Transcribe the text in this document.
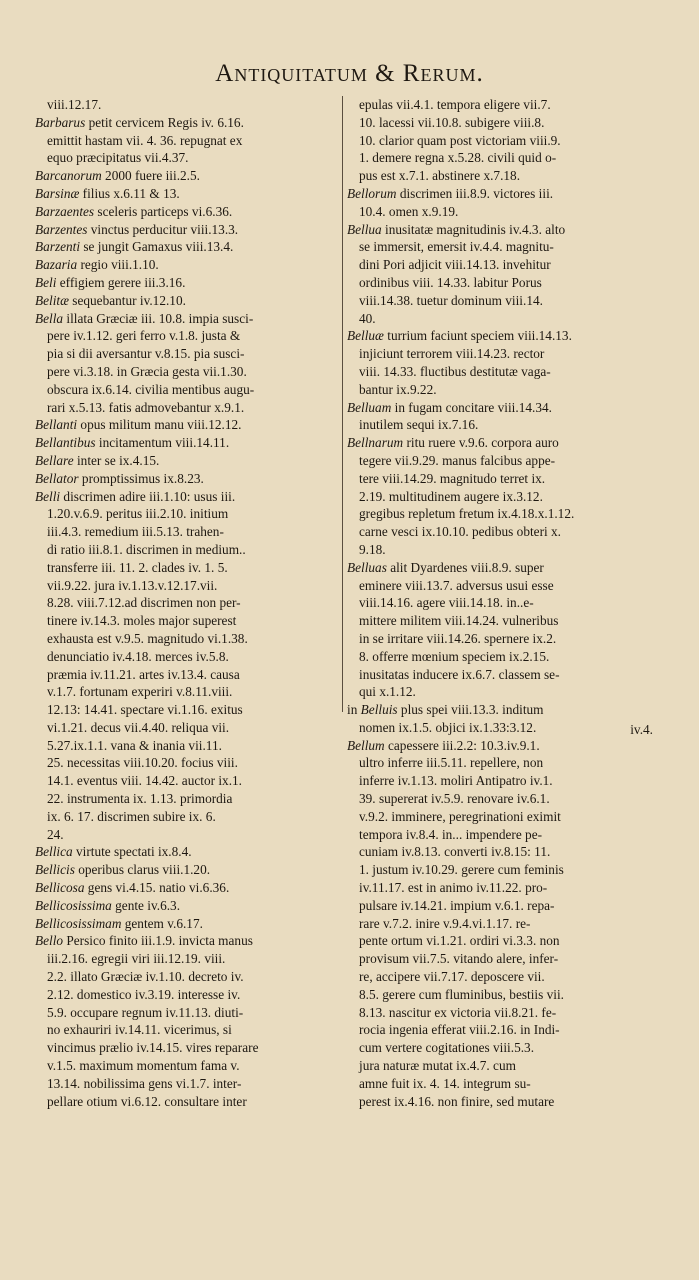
Antiquitatum & Rerum.
viii.12.17.
Barbarus petit cervicem Regis iv. 6.16.
emittit hastam vii. 4. 36. repugnat ex
equo præcipitatus vii.4.37.
Barcanorum 2000 fuere iii.2.5.
Barsinæ filius x.6.11 & 13.
Barzaentes sceleris particeps vi.6.36.
Barzentes vinctus perducitur viii.13.3.
Barzenti se jungit Gamaxus viii.13.4.
Bazaria regio viii.1.10.
Beli effigiem gerere iii.3.16.
Belitæ sequebantur iv.12.10.
Bella illata Græciæ iii. 10.8. impia susci-
pere iv.1.12. geri ferro v.1.8. justa &
pia si dii aversantur v.8.15. pia susci-
pere vi.3.18. in Græcia gesta vii.1.30.
obscura ix.6.14. civilia mentibus augu-
rari x.5.13. fatis admovebantur x.9.1.
Bellanti opus militum manu viii.12.12.
Bellantibus incitamentum viii.14.11.
Bellare inter se ix.4.15.
Bellator promptissimus ix.8.23.
Belli discrimen adire iii.1.10: usus iii.
1.20.v.6.9. peritus iii.2.10. initium
iii.4.3. remedium iii.5.13. trahen-
di ratio iii.8.1. discrimen in medium..
transferre iii. 11. 2. clades iv. 1. 5.
vii.9.22. jura iv.1.13.v.12.17.vii.
8.28. viii.7.12.ad discrimen non per-
tinere iv.14.3. moles major superest
exhausta est v.9.5. magnitudo vi.1.38.
denunciatio iv.4.18. merces iv.5.8.
præmia iv.11.21. artes iv.13.4. causa
v.1.7. fortunam experiri v.8.11.viii.
12.13: 14.41. spectare vi.1.16. exitus
vi.1.21. decus vii.4.40. reliqua vii.
5.27.ix.1.1. vana & inania vii.11.
25. necessitas viii.10.20. focius viii.
14.1. eventus viii. 14.42. auctor ix.1.
22. instrumenta ix. 1.13. primordia
ix. 6. 17. discrimen subire ix. 6.
24.
Bellica virtute spectati ix.8.4.
Bellicis operibus clarus viii.1.20.
Bellicosa gens vi.4.15. natio vi.6.36.
Bellicosissima gente iv.6.3.
Bellicosissimam gentem v.6.17.
Bello Persico finito iii.1.9. invicta manus
iii.2.16. egregii viri iii.12.19. viii.
2.2. illato Græciæ iv.1.10. decreto iv.
2.12. domestico iv.3.19. interesse iv.
5.9. occupare regnum iv.11.13. diuti-
no exhauriri iv.14.11. vicerimus, si
vincimus prælio iv.14.15. vires reparare
v.1.5. maximum momentum fama v.
13.14. nobilissima gens vi.1.7. inter-
pellare otium vi.6.12. consultare inter
epulas vii.4.1. tempora eligere vii.7.
10. lacessi vii.10.8. subigere viii.8.
10. clarior quam post victoriam viii.9.
1. demere regna x.5.28. civili quid o-
pus est x.7.1. abstinere x.7.18.
Bellorum discrimen iii.8.9. victores iii.
10.4. omen x.9.19.
Bellua inusitatæ magnitudinis iv.4.3. alto
se immersit, emersit iv.4.4. magnitu-
dini Pori adjicit viii.14.13. invehitur
ordinibus viii. 14.33. labitur Porus
viii.14.38. tuetur dominum viii.14.
40.
Belluæ turrium faciunt speciem viii.14.13.
injiciunt terrorem viii.14.23. rector
viii. 14.33. fluctibus destitutæ vaga-
bantur ix.9.22.
Belluam in fugam concitare viii.14.34.
inutilem sequi ix.7.16.
Bellnarum ritu ruere v.9.6. corpora auro
tegere vii.9.29. manus falcibus appe-
tere viii.14.29. magnitudo terret ix.
2.19. multitudinem augere ix.3.12.
gregibus repletum fretum ix.4.18.x.1.12.
carne vesci ix.10.10. pedibus obteri x.
9.18.
Belluas alit Dyardenes viii.8.9. super
eminere viii.13.7. adversus usui esse
viii.14.16. agere viii.14.18. in..e-
mittere militem viii.14.24. vulneribus
in se irritare viii.14.26. spernere ix.2.
8. offerre mœnium speciem ix.2.15.
inusitatas inducere ix.6.7. classem se-
qui x.1.12.
in Belluis plus spei viii.13.3. inditum
nomen ix.1.5. objici ix.1.33:3.12.
Bellum capessere iii.2.2: 10.3.iv.9.1.
ultro inferre iii.5.11. repellere, non
inferre iv.1.13. moliri Antipatro iv.1.
39. supererat iv.5.9. renovare iv.6.1.
v.9.2. imminere, peregrinationi eximit
tempora iv.8.4. in... impendere pe-
cuniam iv.8.13. converti iv.8.15: 11.
1. justum iv.10.29. gerere cum feminis
iv.11.17. est in animo iv.11.22. pro-
pulsare iv.14.21. impium v.6.1. repa-
rare v.7.2. inire v.9.4.vi.1.17. re-
pente ortum vi.1.21. ordiri vi.3.3. non
provisum vii.7.5. vitando alere, infer-
re, accipere vii.7.17. deposcere vii.
8.5. gerere cum fluminibus, bestiis vii.
8.13. nascitur ex victoria vii.8.21. fe-
rocia ingenia efferat viii.2.16. in Indi-
cum vertere cogitationes viii.5.3.
jura naturæ mutat ix.4.7. cum
amne fuit ix. 4. 14. integrum su-
perest ix.4.16. non finire, sed mutare
iv.4.
